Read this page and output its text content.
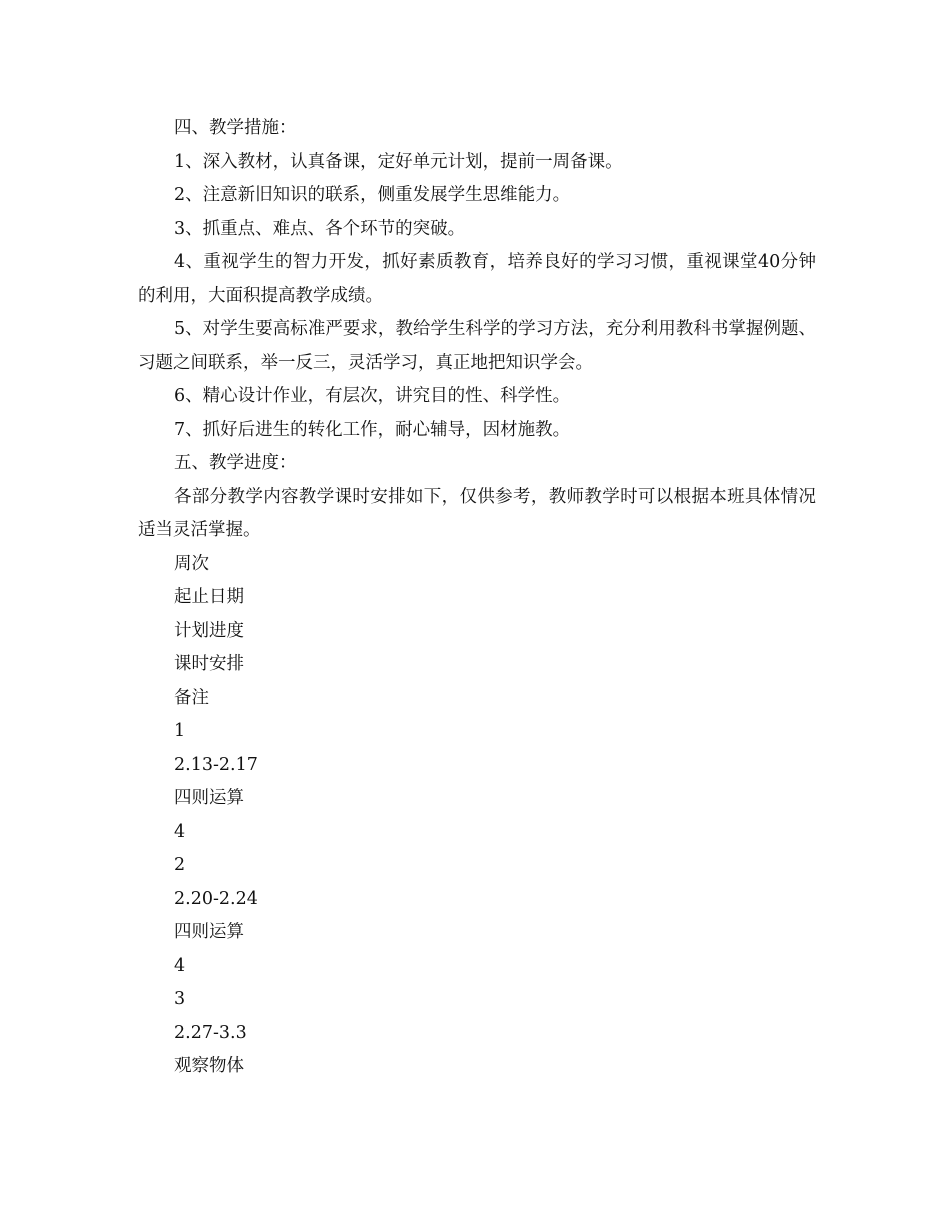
四、教学措施：

1、深入教材，认真备课，定好单元计划，提前一周备课。

2、注意新旧知识的联系，侧重发展学生思维能力。

3、抓重点、难点、各个环节的突破。

4、重视学生的智力开发，抓好素质教育，培养良好的学习习惯，重视课堂40分钟的利用，大面积提高教学成绩。

5、对学生要高标准严要求，教给学生科学的学习方法，充分利用教科书掌握例题、习题之间联系，举一反三，灵活学习，真正地把知识学会。

6、精心设计作业，有层次，讲究目的性、科学性。

7、抓好后进生的转化工作，耐心辅导，因材施教。

五、教学进度：

各部分教学内容教学课时安排如下，仅供参考，教师教学时可以根据本班具体情况适当灵活掌握。

周次

起止日期

计划进度

课时安排

备注

1

2.13-2.17

四则运算

4

2

2.20-2.24

四则运算

4

3

2.27-3.3

观察物体
